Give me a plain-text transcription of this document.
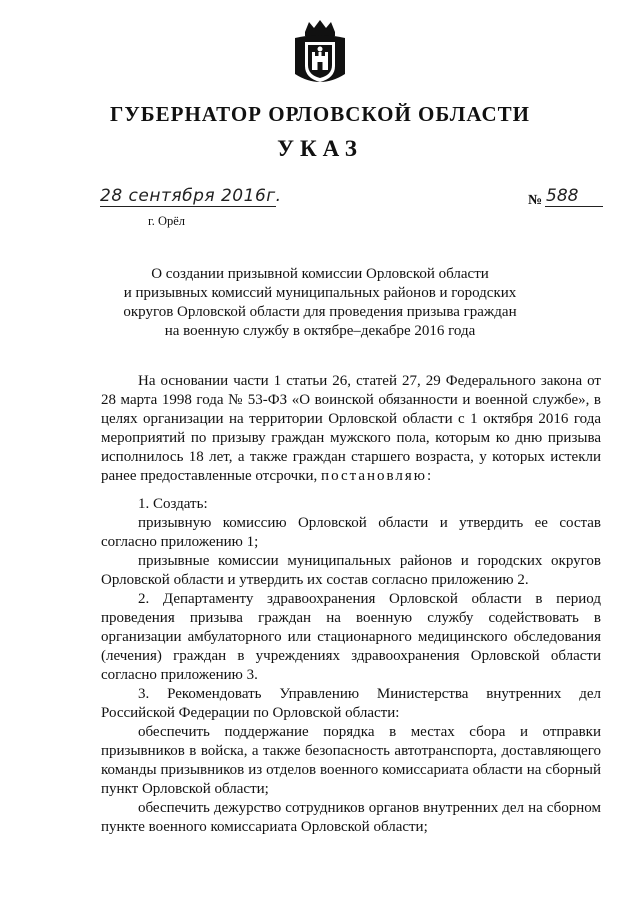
ГУБЕРНАТОР ОРЛОВСКОЙ ОБЛАСТИ
УКАЗ
28 сентября 2016г.
г. Орёл
№ 588
О создании призывной комиссии Орловской области
и призывных комиссий муниципальных районов и городских
округов Орловской области для проведения призыва граждан
на военную службу в октябре–декабре 2016 года

На основании части 1 статьи 26, статей 27, 29 Федерального закона от 28 марта 1998 года № 53-ФЗ «О воинской обязанности и военной службе», в целях организации на территории Орловской области с 1 октября 2016 года мероприятий по призыву граждан мужского пола, которым ко дню призыва исполнилось 18 лет, а также граждан старшего возраста, у которых истекли ранее предоставленные отсрочки, постановляю:

1. Создать:

призывную комиссию Орловской области и утвердить ее состав согласно приложению 1;

призывные комиссии муниципальных районов и городских округов Орловской области и утвердить их состав согласно приложению 2.

2. Департаменту здравоохранения Орловской области в период проведения призыва граждан на военную службу содействовать в организации амбулаторного или стационарного медицинского обследования (лечения) граждан в учреждениях здравоохранения Орловской области согласно приложению 3.

3. Рекомендовать Управлению Министерства внутренних дел Российской Федерации по Орловской области:

обеспечить поддержание порядка в местах сбора и отправки призывников в войска, а также безопасность автотранспорта, доставляющего команды призывников из отделов военного комиссариата области на сборный пункт Орловской области;

обеспечить дежурство сотрудников органов внутренних дел на сборном пункте военного комиссариата Орловской области;
